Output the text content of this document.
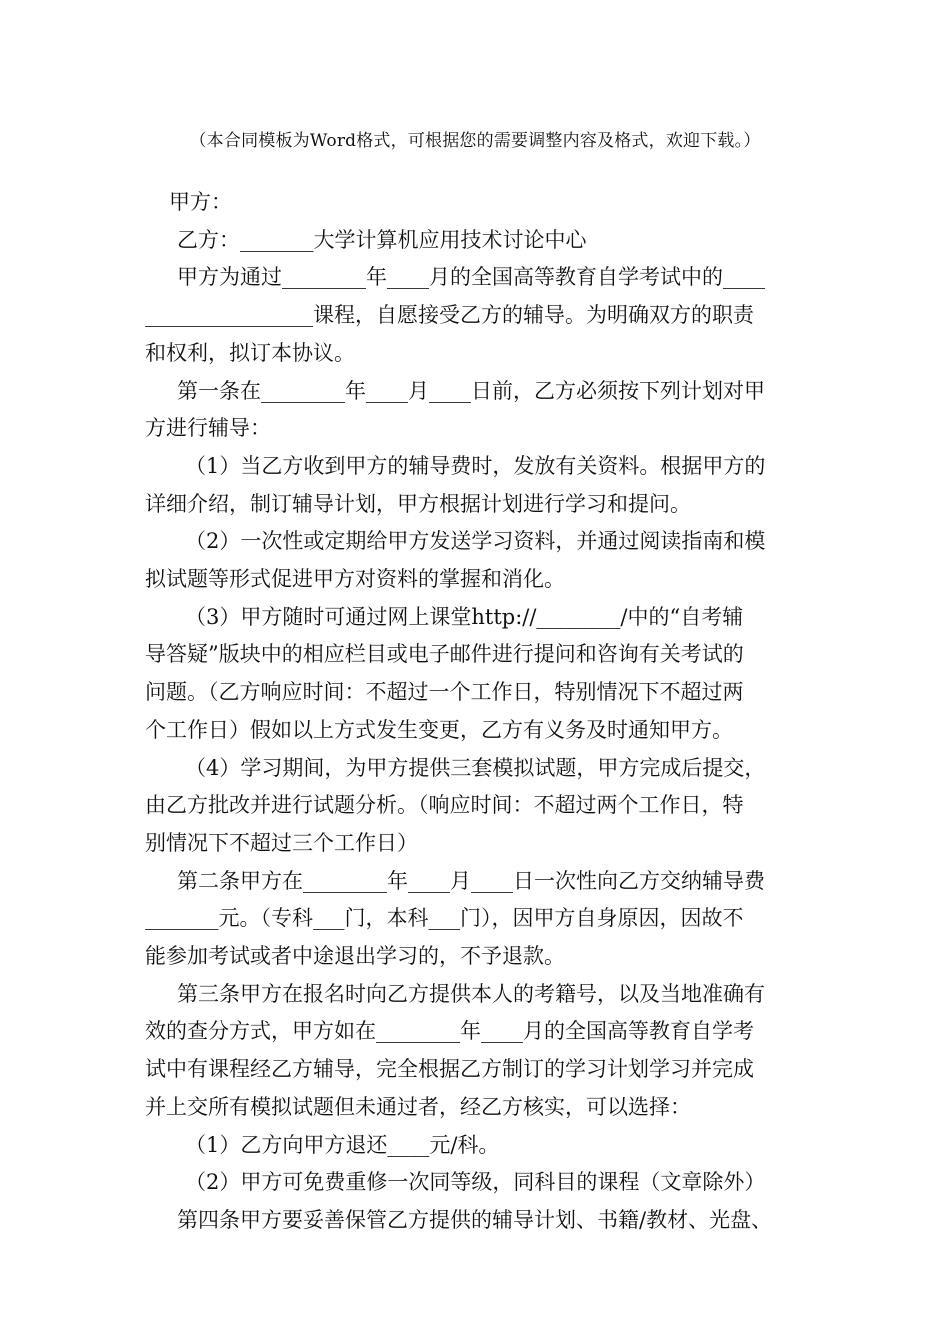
（本合同模板为Word格式，可根据您的需要调整内容及格式，欢迎下载。）

甲方：

乙方：_______大学计算机应用技术讨论中心

甲方为通过________年____月的全国高等教育自学考试中的____

________________课程，自愿接受乙方的辅导。为明确双方的职责

和权利，拟订本协议。

第一条在________年____月____日前，乙方必须按下列计划对甲

方进行辅导：

（1）当乙方收到甲方的辅导费时，发放有关资料。根据甲方的

详细介绍，制订辅导计划，甲方根据计划进行学习和提问。

（2）一次性或定期给甲方发送学习资料，并通过阅读指南和模

拟试题等形式促进甲方对资料的掌握和消化。

（3）甲方随时可通过网上课堂http://________/中的“自考辅

导答疑”版块中的相应栏目或电子邮件进行提问和咨询有关考试的

问题。（乙方响应时间：不超过一个工作日，特别情况下不超过两

个工作日）假如以上方式发生变更，乙方有义务及时通知甲方。

（4）学习期间，为甲方提供三套模拟试题，甲方完成后提交，

由乙方批改并进行试题分析。（响应时间：不超过两个工作日，特

别情况下不超过三个工作日）

第二条甲方在________年____月____日一次性向乙方交纳辅导费

_______元。（专科___门，本科___门），因甲方自身原因，因故不

能参加考试或者中途退出学习的，不予退款。

第三条甲方在报名时向乙方提供本人的考籍号，以及当地准确有

效的查分方式，甲方如在________年____月的全国高等教育自学考

试中有课程经乙方辅导，完全根据乙方制订的学习计划学习并完成

并上交所有模拟试题但未通过者，经乙方核实，可以选择：

（1）乙方向甲方退还____元/科。

（2）甲方可免费重修一次同等级，同科目的课程（文章除外）

第四条甲方要妥善保管乙方提供的辅导计划、书籍/教材、光盘、
